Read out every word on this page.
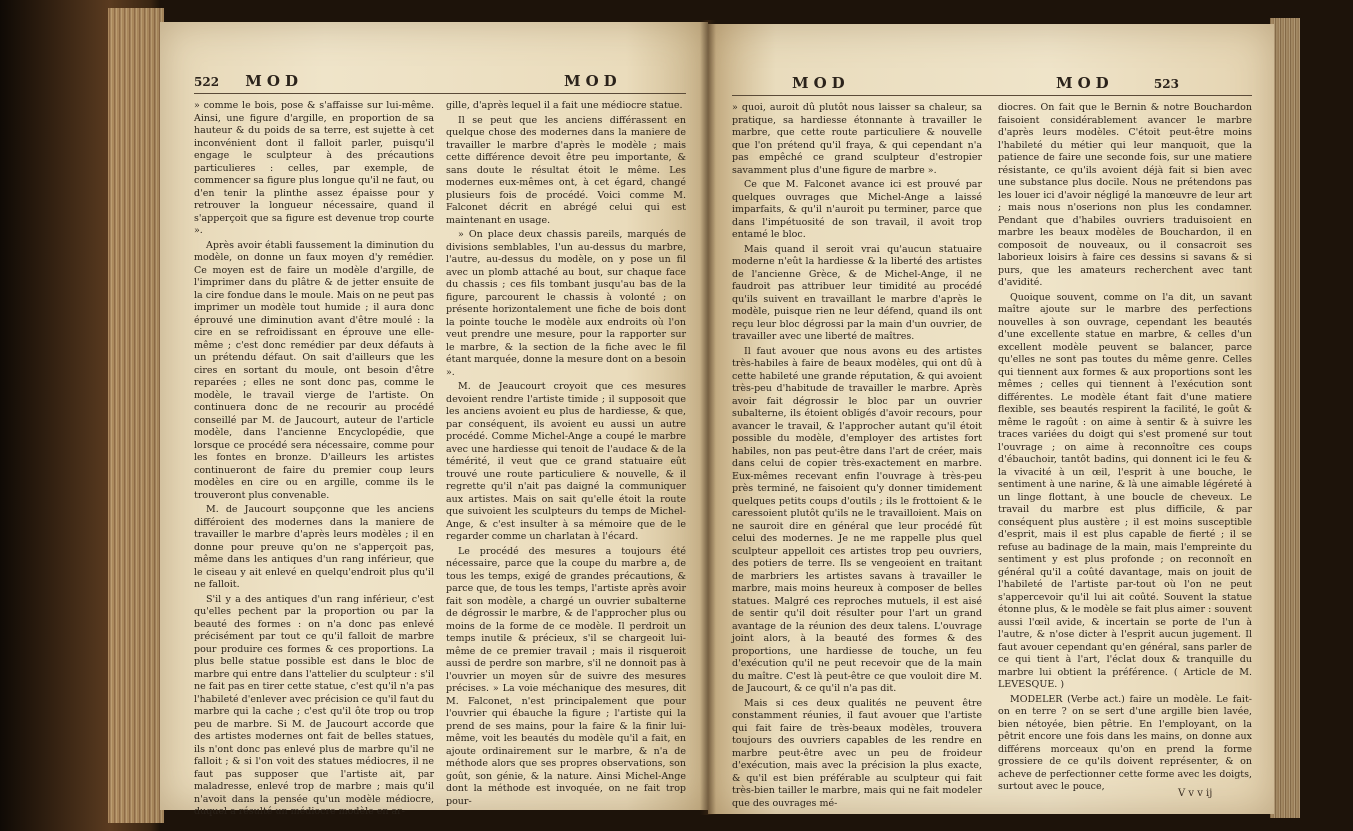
522 MOD	MOD

» comme le bois, pose & s'affaisse sur lui-même. Ainsi, une figure d'argille, en proportion de sa hauteur & du poids de sa terre, est sujette à cet inconvénient dont il falloit parler, puisqu'il engage le sculpteur à des précautions particulieres : celles, par exemple, de commencer sa figure plus longue qu'il ne faut, ou d'en tenir la plinthe assez épaisse pour y retrouver la longueur nécessaire, quand il s'apperçoit que sa figure est devenue trop courte ».

Après avoir établi faussement la diminution du modèle, on donne un faux moyen d'y remédier. Ce moyen est de faire un modèle d'argille, de l'imprimer dans du plâtre & de jetter ensuite de la cire fondue dans le moule. Mais on ne peut pas imprimer un modèle tout humide ; il aura donc éprouvé une diminution avant d'être moulé : la cire en se refroidissant en éprouve une elle-même ; c'est donc remédier par deux défauts à un prétendu défaut. On sait d'ailleurs que les cires en sortant du moule, ont besoin d'être reparées ; elles ne sont donc pas, comme le modèle, le travail vierge de l'artiste. On continuera donc de ne recourir au procédé conseillé par M. de Jaucourt, auteur de l'article modèle, dans l'ancienne Encyclopédie, que lorsque ce procédé sera nécessaire, comme pour les fontes en bronze. D'ailleurs les artistes continueront de faire du premier coup leurs modèles en cire ou en argille, comme ils le trouveront plus convenable.

M. de Jaucourt soupçonne que les anciens différoient des modernes dans la maniere de travailler le marbre d'après leurs modèles ; il en donne pour preuve qu'on ne s'apperçoit pas, même dans les antiques d'un rang inférieur, que le ciseau y ait enlevé en quelqu'endroit plus qu'il ne falloit.

S'il y a des antiques d'un rang inférieur, c'est qu'elles pechent par la proportion ou par la beauté des formes : on n'a donc pas enlevé précisément par tout ce qu'il falloit de marbre pour produire ces formes & ces proportions. La plus belle statue possible est dans le bloc de marbre qui entre dans l'attelier du sculpteur : s'il ne fait pas en tirer cette statue, c'est qu'il n'a pas l'habileté d'enlever avec précision ce qu'il faut du marbre qui la cache ; c'est qu'il ôte trop ou trop peu de marbre. Si M. de Jaucourt accorde que des artistes modernes ont fait de belles statues, ils n'ont donc pas enlevé plus de marbre qu'il ne falloit ; & si l'on voit des statues médiocres, il ne faut pas supposer que l'artiste ait, par maladresse, enlevé trop de marbre ; mais qu'il n'avoit dans la pensée qu'un modèle médiocre, duquel a résulté un médiocre modèle en ar-

gille, d'après lequel il a fait une médiocre statue.

Il se peut que les anciens différassent en quelque chose des modernes dans la maniere de travailler le marbre d'après le modèle ; mais cette différence devoit être peu importante, & sans doute le résultat étoit le même. Les modernes eux-mêmes ont, à cet égard, changé plusieurs fois de procédé. Voici comme M. Falconet décrit en abrégé celui qui est maintenant en usage.

» On place deux chassis pareils, marqués de divisions semblables, l'un au-dessus du marbre, l'autre, au-dessus du modèle, on y pose un fil avec un plomb attaché au bout, sur chaque face du chassis ; ces fils tombant jusqu'au bas de la figure, parcourent le chassis à volonté ; on présente horizontalement une fiche de bois dont la pointe touche le modèle aux endroits où l'on veut prendre une mesure, pour la rapporter sur le marbre, & la section de la fiche avec le fil étant marquée, donne la mesure dont on a besoin ».

M. de Jeaucourt croyoit que ces mesures devoient rendre l'artiste timide ; il supposoit que les anciens avoient eu plus de hardiesse, & que, par conséquent, ils avoient eu aussi un autre procédé. Comme Michel-Ange a coupé le marbre avec une hardiesse qui tenoit de l'audace & de la témérité, il veut que ce grand statuaire eût trouvé une route particuliere & nouvelle, & il regrette qu'il n'ait pas daigné la communiquer aux artistes. Mais on sait qu'elle étoit la route que suivoient les sculpteurs du temps de Michel-Ange, & c'est insulter à sa mémoire que de le regarder comme un charlatan à l'écard.

Le procédé des mesures a toujours été nécessaire, parce que la coupe du marbre a, de tous les temps, exigé de grandes précautions, & parce que, de tous les temps, l'artiste après avoir fait son modèle, a chargé un ouvrier subalterne de dégrossir le marbre, & de l'approcher plus ou moins de la forme de ce modèle. Il perdroit un temps inutile & précieux, s'il se chargeoit lui-même de ce premier travail ; mais il risqueroit aussi de perdre son marbre, s'il ne donnoit pas à l'ouvrier un moyen sûr de suivre des mesures précises. » La voie méchanique des mesures, dit M. Falconet, n'est principalement que pour l'ouvrier qui ébauche la figure ; l'artiste qui la prend de ses mains, pour la faire & la finir lui-même, voit les beautés du modèle qu'il a fait, en ajoute ordinairement sur le marbre, & n'a de méthode alors que ses propres observations, son goût, son génie, & la nature. Ainsi Michel-Ange dont la méthode est invoquée, on ne fait trop pour-

MOD	MOD	523

» quoi, auroit dû plutôt nous laisser sa chaleur, sa pratique, sa hardiesse étonnante à travailler le marbre, que cette route particuliere & nouvelle que l'on prétend qu'il fraya, & qui cependant n'a pas empêché ce grand sculpteur d'estropier savamment plus d'une figure de marbre ».

Ce que M. Falconet avance ici est prouvé par quelques ouvrages que Michel-Ange a laissé imparfaits, & qu'il n'auroit pu terminer, parce que dans l'impétuosité de son travail, il avoit trop entamé le bloc.

Mais quand il seroit vrai qu'aucun statuaire moderne n'eût la hardiesse & la liberté des artistes de l'ancienne Grèce, & de Michel-Ange, il ne faudroit pas attribuer leur timidité au procédé qu'ils suivent en travaillant le marbre d'après le modèle, puisque rien ne leur défend, quand ils ont reçu leur bloc dégrossi par la main d'un ouvrier, de travailler avec une liberté de maîtres.

Il faut avouer que nous avons eu des artistes très-habiles à faire de beaux modèles, qui ont dû à cette habileté une grande réputation, & qui avoient très-peu d'habitude de travailler le marbre. Après avoir fait dégrossir le bloc par un ouvrier subalterne, ils étoient obligés d'avoir recours, pour avancer le travail, & l'approcher autant qu'il étoit possible du modèle, d'employer des artistes fort habiles, non pas peut-être dans l'art de créer, mais dans celui de copier très-exactement en marbre. Eux-mêmes recevant enfin l'ouvrage à très-peu près terminé, ne faisoient qu'y donner timidement quelques petits coups d'outils ; ils le frottoient & le caressoient plutôt qu'ils ne le travailloient. Mais on ne sauroit dire en général que leur procédé fût celui des modernes. Je ne me rappelle plus quel sculpteur appelloit ces artistes trop peu ouvriers, des potiers de terre. Ils se vengeoient en traitant de marbriers les artistes savans à travailler le marbre, mais moins heureux à composer de belles statues. Malgré ces reproches mutuels, il est aisé de sentir qu'il doit résulter pour l'art un grand avantage de la réunion des deux talens. L'ouvrage joint alors, à la beauté des formes & des proportions, une hardiesse de touche, un feu d'exécution qu'il ne peut recevoir que de la main du maître. C'est là peut-être ce que vouloit dire M. de Jaucourt, & ce qu'il n'a pas dit.

Mais si ces deux qualités ne peuvent être constamment réunies, il faut avouer que l'artiste qui fait faire de très-beaux modèles, trouvera toujours des ouvriers capables de les rendre en marbre peut-être avec un peu de froideur d'exécution, mais avec la précision la plus exacte, & qu'il est bien préférable au sculpteur qui fait très-bien tailler le marbre, mais qui ne fait modeler que des ouvrages mé-

diocres. On fait que le Bernin & notre Bouchardon faisoient considérablement avancer le marbre d'après leurs modèles. C'étoit peut-être moins l'habileté du métier qui leur manquoit, que la patience de faire une seconde fois, sur une matiere résistante, ce qu'ils avoient déjà fait si bien avec une substance plus docile. Nous ne prétendons pas les louer ici d'avoir négligé la manœuvre de leur art ; mais nous n'oserions non plus les condamner. Pendant que d'habiles ouvriers traduisoient en marbre les beaux modèles de Bouchardon, il en composoit de nouveaux, ou il consacroit ses laborieux loisirs à faire ces dessins si savans & si purs, que les amateurs recherchent avec tant d'avidité.

Quoique souvent, comme on l'a dit, un savant maître ajoute sur le marbre des perfections nouvelles à son ouvrage, cependant les beautés d'une excellente statue en marbre, & celles d'un excellent modèle peuvent se balancer, parce qu'elles ne sont pas toutes du même genre. Celles qui tiennent aux formes & aux proportions sont les mêmes ; celles qui tiennent à l'exécution sont différentes. Le modèle étant fait d'une matiere flexible, ses beautés respirent la facilité, le goût & même le ragoût : on aime à sentir & à suivre les traces variées du doigt qui s'est promené sur tout l'ouvrage ; on aime à reconnoître ces coups d'ébauchoir, tantôt badins, qui donnent ici le feu & la vivacité à un œil, l'esprit à une bouche, le sentiment à une narine, & là une aimable légéreté à un linge flottant, à une boucle de cheveux. Le travail du marbre est plus difficile, & par conséquent plus austère ; il est moins susceptible d'esprit, mais il est plus capable de fierté ; il se refuse au badinage de la main, mais l'empreinte du sentiment y est plus profonde ; on reconnoît en général qu'il a coûté davantage, mais on jouit de l'habileté de l'artiste par-tout où l'on ne peut s'appercevoir qu'il lui ait coûté. Souvent la statue étonne plus, & le modèle se fait plus aimer : souvent aussi l'œil avide, & incertain se porte de l'un à l'autre, & n'ose dicter à l'esprit aucun jugement. Il faut avouer cependant qu'en général, sans parler de ce qui tient à l'art, l'éclat doux & tranquille du marbre lui obtient la préférence. ( Article de M. LEVESQUE. )

MODELER (Verbe act.) faire un modèle. Le fait-on en terre ? on se sert d'une argille bien lavée, bien nétoyée, bien pêtrie. En l'employant, on la pêtrit encore une fois dans les mains, on donne aux différens morceaux qu'on en prend la forme grossiere de ce qu'ils doivent représenter, & on acheve de perfectionner cette forme avec les doigts, surtout avec le pouce,

V v v ij
